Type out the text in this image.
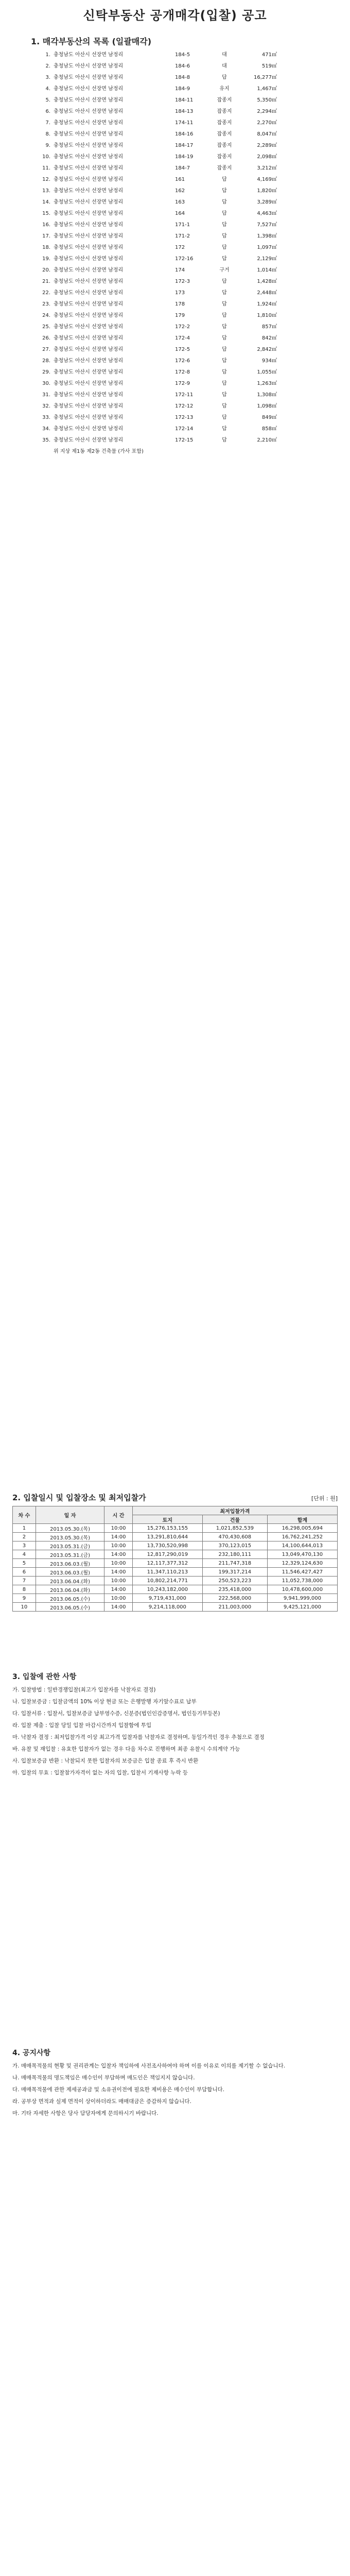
신탁부동산 공개매각(입찰) 공고
1. 매각부동산의 목록 (일괄매각)
1. 충청남도 아산시 선장면 남정리	184-5	대	471㎡
2. 충청남도 아산시 선장면 남정리	184-6	대	519㎡
3. 충청남도 아산시 선장면 남정리	184-8	답	16,277㎡
4. 충청남도 아산시 선장면 남정리	184-9	유지	1,467㎡
5. 충청남도 아산시 선장면 남정리	184-11	잡종지	5,350㎡
6. 충청남도 아산시 선장면 남정리	184-13	잡종지	2,294㎡
7. 충청남도 아산시 선장면 남정리	174-11	잡종지	2,270㎡
8. 충청남도 아산시 선장면 남정리	184-16	잡종지	8,047㎡
9. 충청남도 아산시 선장면 남정리	184-17	잡종지	2,289㎡
10. 충청남도 아산시 선장면 남정리	184-19	잡종지	2,098㎡
11. 충청남도 아산시 선장면 남정리	184-7	잡종지	3,212㎡
12. 충청남도 아산시 선장면 남정리	161	답	4,169㎡
13. 충청남도 아산시 선장면 남정리	162	답	1,820㎡
14. 충청남도 아산시 선장면 남정리	163	답	3,289㎡
15. 충청남도 아산시 선장면 남정리	164	답	4,463㎡
16. 충청남도 아산시 선장면 남정리	171-1	답	7,527㎡
17. 충청남도 아산시 선장면 남정리	171-2	답	1,398㎡
18. 충청남도 아산시 선장면 남정리	172	답	1,097㎡
19. 충청남도 아산시 선장면 남정리	172-16	답	2,129㎡
20. 충청남도 아산시 선장면 남정리	174	구거	1,014㎡
21. 충청남도 아산시 선장면 남정리	172-3	답	1,428㎡
22. 충청남도 아산시 선장면 남정리	173	답	2,448㎡
23. 충청남도 아산시 선장면 남정리	178	답	1,924㎡
24. 충청남도 아산시 선장면 남정리	179	답	1,810㎡
25. 충청남도 아산시 선장면 남정리	172-2	답	857㎡
26. 충청남도 아산시 선장면 남정리	172-4	답	842㎡
27. 충청남도 아산시 선장면 남정리	172-5	답	2,842㎡
28. 충청남도 아산시 선장면 남정리	172-6	답	934㎡
29. 충청남도 아산시 선장면 남정리	172-8	답	1,055㎡
30. 충청남도 아산시 선장면 남정리	172-9	답	1,263㎡
31. 충청남도 아산시 선장면 남정리	172-11	답	1,308㎡
32. 충청남도 아산시 선장면 남정리	172-12	답	1,098㎡
33. 충청남도 아산시 선장면 남정리	172-13	답	849㎡
34. 충청남도 아산시 선장면 남정리	172-14	답	858㎡
35. 충청남도 아산시 선장면 남정리	172-15	답	2,210㎡
위 지상 제1동 제2동 건축물 (가사 포함)
2. 입찰일시 및 입찰장소 및 최저입찰가	[단위 : 원]
차 수	일 자	시 간	최저입찰가격		
			토지	건물	합계
1	2013.05.30.(목)	10:00	15,276,153,155	1,021,852,539	16,298,005,694
2	2013.05.30.(목)	14:00	13,291,810,644	470,430,608	16,762,241,252
3	2013.05.31.(금)	10:00	13,730,520,998	370,123,015	14,100,644,013
4	2013.05.31.(금)	14:00	12,817,290,019	232,180,111	13,049,470,130
5	2013.06.03.(월)	10:00	12,117,377,312	211,747,318	12,329,124,630
6	2013.06.03.(월)	14:00	11,347,110,213	199,317,214	11,546,427,427
7	2013.06.04.(화)	10:00	10,802,214,771	250,523,223	11,052,738,000
8	2013.06.04.(화)	14:00	10,243,182,000	235,418,000	10,478,600,000
9	2013.06.05.(수)	10:00	9,719,431,000	222,568,000	9,941,999,000
10	2013.06.05.(수)	14:00	9,214,118,000	211,003,000	9,425,121,000
3. 입찰에 관한 사항
가. 입찰방법 : 일반경쟁입찰(최고가 입찰자를 낙찰자로 결정)
나. 입찰보증금 : 입찰금액의 10% 이상 현금 또는 은행발행 자기앞수표로 납부
다. 입찰서류 : 입찰서, 입찰보증금 납부영수증, 신분증(법인인감증명서, 법인등기부등본)
라. 입찰 제출 : 입찰 당일 입찰 마감시간까지 입찰함에 투입
마. 낙찰자 결정 : 최저입찰가격 이상 최고가격 입찰자를 낙찰자로 결정하며, 동일가격인 경우 추첨으로 결정
바. 유찰 및 재입찰 : 유효한 입찰자가 없는 경우 다음 차수로 진행하며 최종 유찰시 수의계약 가능
사. 입찰보증금 반환 : 낙찰되지 못한 입찰자의 보증금은 입찰 종료 후 즉시 반환
아. 입찰의 무효 : 입찰참가자격이 없는 자의 입찰, 입찰서 기재사항 누락 등
4. 공지사항
가. 매매목적물의 현황 및 권리관계는 입찰자 책임하에 사전조사하여야 하며 이를 이유로 이의를 제기할 수 없습니다.
나. 매매목적물의 명도책임은 매수인이 부담하며 매도인은 책임지지 않습니다.
다. 매매목적물에 관한 제세공과금 및 소유권이전에 필요한 제비용은 매수인이 부담합니다.
라. 공부상 면적과 실제 면적이 상이하더라도 매매대금은 증감하지 않습니다.
마. 기타 자세한 사항은 당사 담당자에게 문의하시기 바랍니다.
